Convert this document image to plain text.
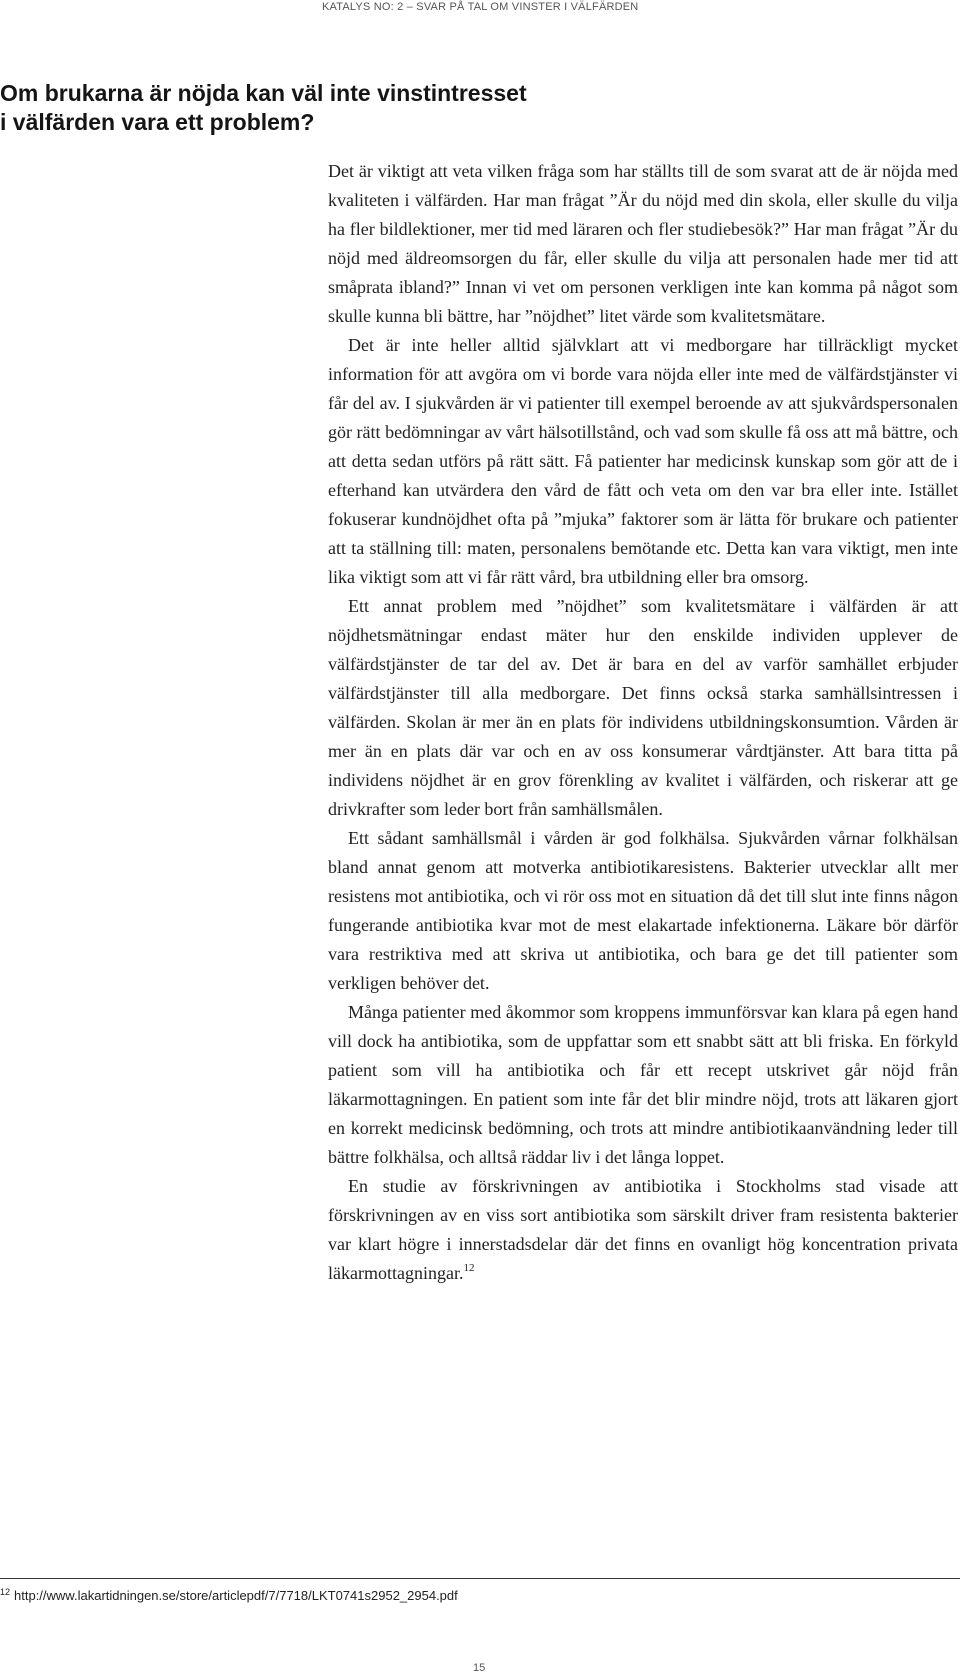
KATALYS NO: 2 – SVAR PÅ TAL OM VINSTER I VÄLFÄRDEN
Om brukarna är nöjda kan väl inte vinstintresset
i välfärden vara ett problem?

Det är viktigt att veta vilken fråga som har ställts till de som svarat att de är nöjda med kvaliteten i välfärden. Har man frågat ”Är du nöjd med din skola, eller skulle du vilja ha fler bildlektioner, mer tid med läraren och fler studiebesök?” Har man frågat ”Är du nöjd med äldreomsorgen du får, eller skulle du vilja att personalen hade mer tid att småprata ibland?” Innan vi vet om personen verkligen inte kan komma på något som skulle kunna bli bättre, har ”nöjdhet” litet värde som kvalitetsmätare.

Det är inte heller alltid självklart att vi medborgare har tillräckligt mycket information för att avgöra om vi borde vara nöjda eller inte med de välfärdstjänster vi får del av. I sjukvården är vi patienter till exempel beroende av att sjukvårdspersonalen gör rätt bedömningar av vårt hälsotillstånd, och vad som skulle få oss att må bättre, och att detta sedan utförs på rätt sätt. Få patienter har medicinsk kunskap som gör att de i efterhand kan utvärdera den vård de fått och veta om den var bra eller inte. Istället fokuserar kundnöjdhet ofta på ”mjuka” faktorer som är lätta för brukare och patienter att ta ställning till: maten, personalens bemötande etc. Detta kan vara viktigt, men inte lika viktigt som att vi får rätt vård, bra utbildning eller bra omsorg.

Ett annat problem med ”nöjdhet” som kvalitetsmätare i välfärden är att nöjdhetsmätningar endast mäter hur den enskilde individen upplever de välfärdstjänster de tar del av. Det är bara en del av varför samhället erbjuder välfärdstjänster till alla medborgare. Det finns också starka samhällsintressen i välfärden. Skolan är mer än en plats för individens utbildningskonsumtion. Vården är mer än en plats där var och en av oss konsumerar vårdtjänster. Att bara titta på individens nöjdhet är en grov förenkling av kvalitet i välfärden, och riskerar att ge drivkrafter som leder bort från samhällsmålen.

Ett sådant samhällsmål i vården är god folkhälsa. Sjukvården vårnar folkhälsan bland annat genom att motverka antibiotikaresistens. Bakterier utvecklar allt mer resistens mot antibiotika, och vi rör oss mot en situation då det till slut inte finns någon fungerande antibiotika kvar mot de mest elakartade infektionerna. Läkare bör därför vara restriktiva med att skriva ut antibiotika, och bara ge det till patienter som verkligen behöver det.

Många patienter med åkommor som kroppens immunförsvar kan klara på egen hand vill dock ha antibiotika, som de uppfattar som ett snabbt sätt att bli friska. En förkyld patient som vill ha antibiotika och får ett recept utskrivet går nöjd från läkarmottagningen. En patient som inte får det blir mindre nöjd, trots att läkaren gjort en korrekt medicinsk bedömning, och trots att mindre antibiotikaanvändning leder till bättre folkhälsa, och alltså räddar liv i det långa loppet.

En studie av förskrivningen av antibiotika i Stockholms stad visade att förskrivningen av en viss sort antibiotika som särskilt driver fram resistenta bakterier var klart högre i innerstadsdelar där det finns en ovanligt hög koncentration privata läkarmottagningar.$^{12}$

$^{12}$ http://www.lakartidningen.se/store/articlepdf/7/7718/LKT0741s2952_2954.pdf
15
